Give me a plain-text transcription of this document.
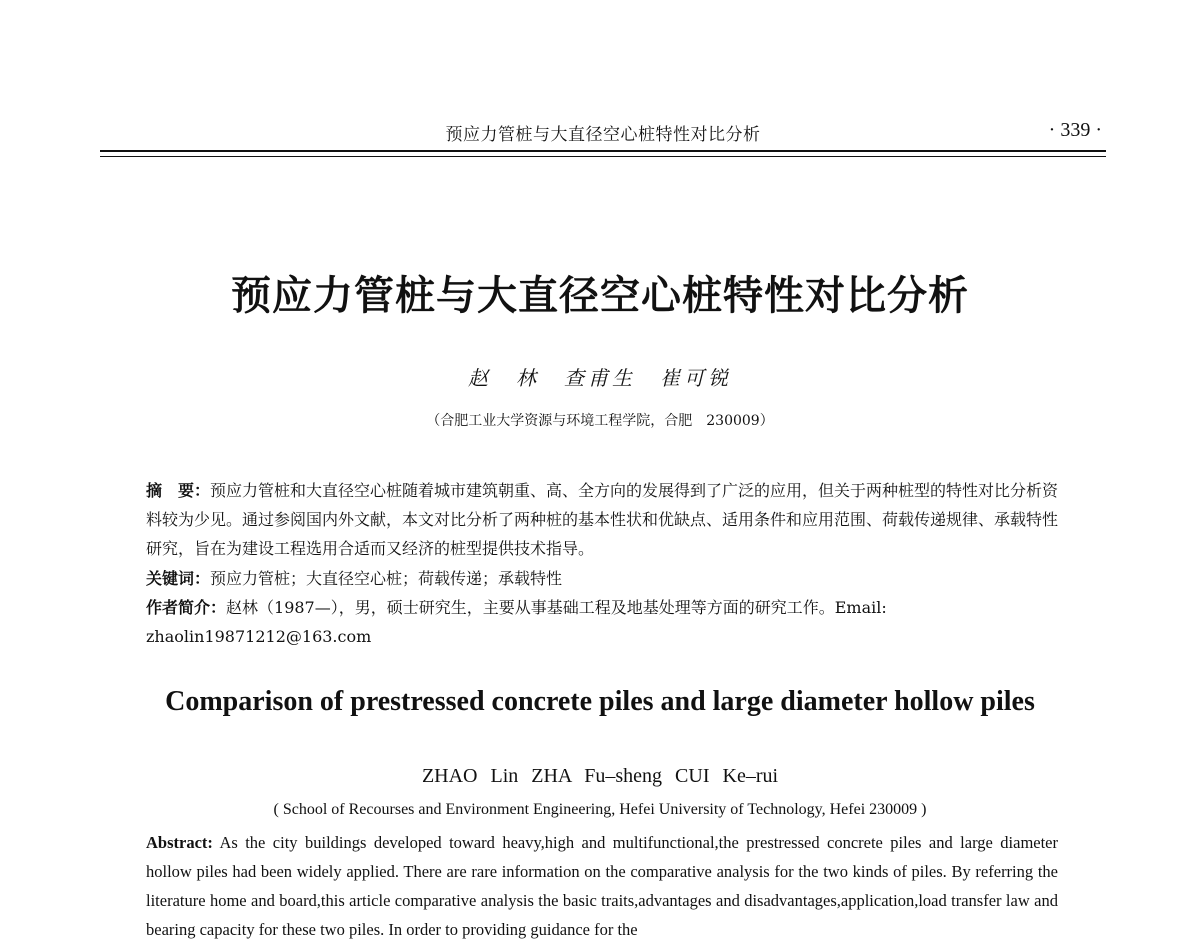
预应力管桩与大直径空心桩特性对比分析	· 339 ·
预应力管桩与大直径空心桩特性对比分析
赵　林　查甫生　崔可锐
（合肥工业大学资源与环境工程学院，合肥　230009）
摘　要：预应力管桩和大直径空心桩随着城市建筑朝重、高、全方向的发展得到了广泛的应用，但关于两种桩型的特性对比分析资料较为少见。通过参阅国内外文献，本文对比分析了两种桩的基本性状和优缺点、适用条件和应用范围、荷载传递规律、承载特性研究，旨在为建设工程选用合适而又经济的桩型提供技术指导。
关键词：预应力管桩；大直径空心桩；荷载传递；承载特性
作者简介：赵林（1987—），男，硕士研究生，主要从事基础工程及地基处理等方面的研究工作。Email: zhaolin19871212@163.com
Comparison of prestressed concrete piles and large diameter hollow piles
ZHAO Lin ZHA Fu–sheng CUI Ke–rui
( School of Recourses and Environment Engineering, Hefei University of Technology, Hefei 230009 )
Abstract: As the city buildings developed toward heavy,high and multifunctional,the prestressed concrete piles and large diameter hollow piles had been widely applied. There are rare information on the comparative analysis for the two kinds of piles. By referring the literature home and board,this article comparative analysis the basic traits,advantages and disadvantages,application,load transfer law and bearing capacity for these two piles. In order to providing guidance for the
